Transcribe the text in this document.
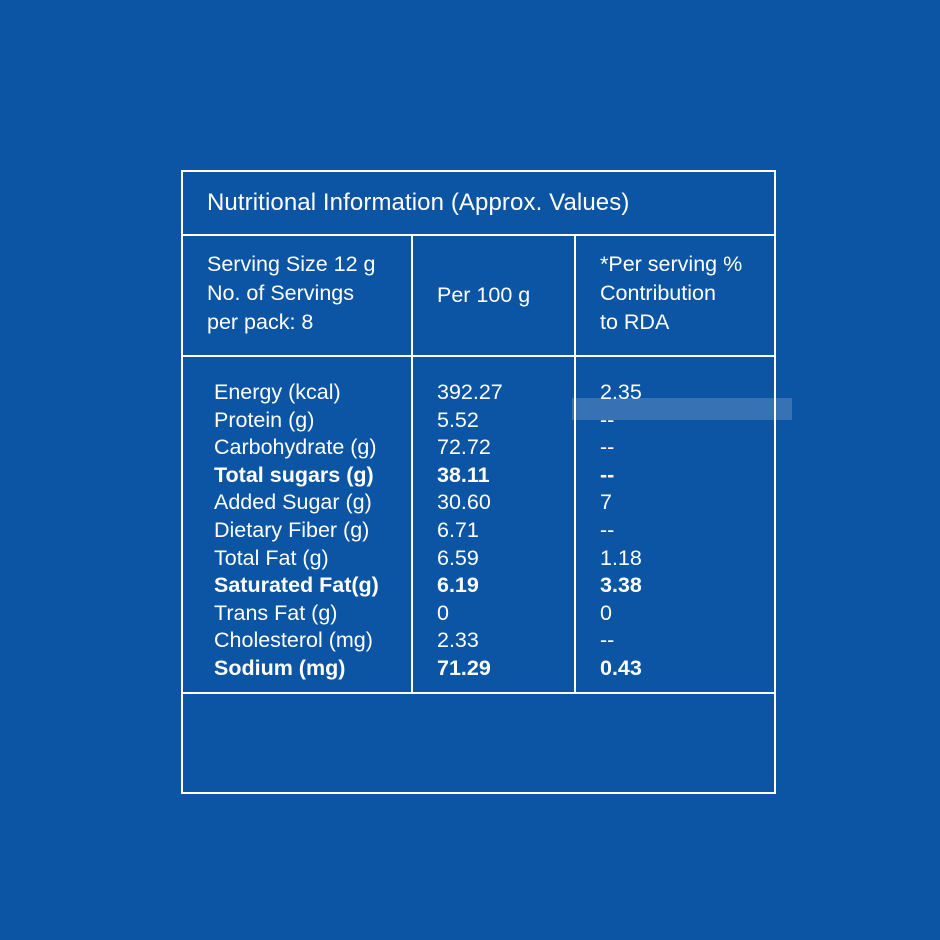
Nutritional Information (Approx. Values)
Serving Size 12 g
No. of Servings
per pack: 8
Per 100 g
*Per serving %
Contribution
to RDA
Energy (kcal)
Protein (g)
Carbohydrate (g)
Total sugars (g)
Added Sugar (g)
Dietary Fiber (g)
Total Fat (g)
Saturated Fat(g)
Trans Fat (g)
Cholesterol (mg)
Sodium (mg)
392.27
5.52
72.72
38.11
30.60
6.71
6.59
6.19
0
2.33
71.29
2.35
--
--
--
7
--
1.18
3.38
0
--
0.43
